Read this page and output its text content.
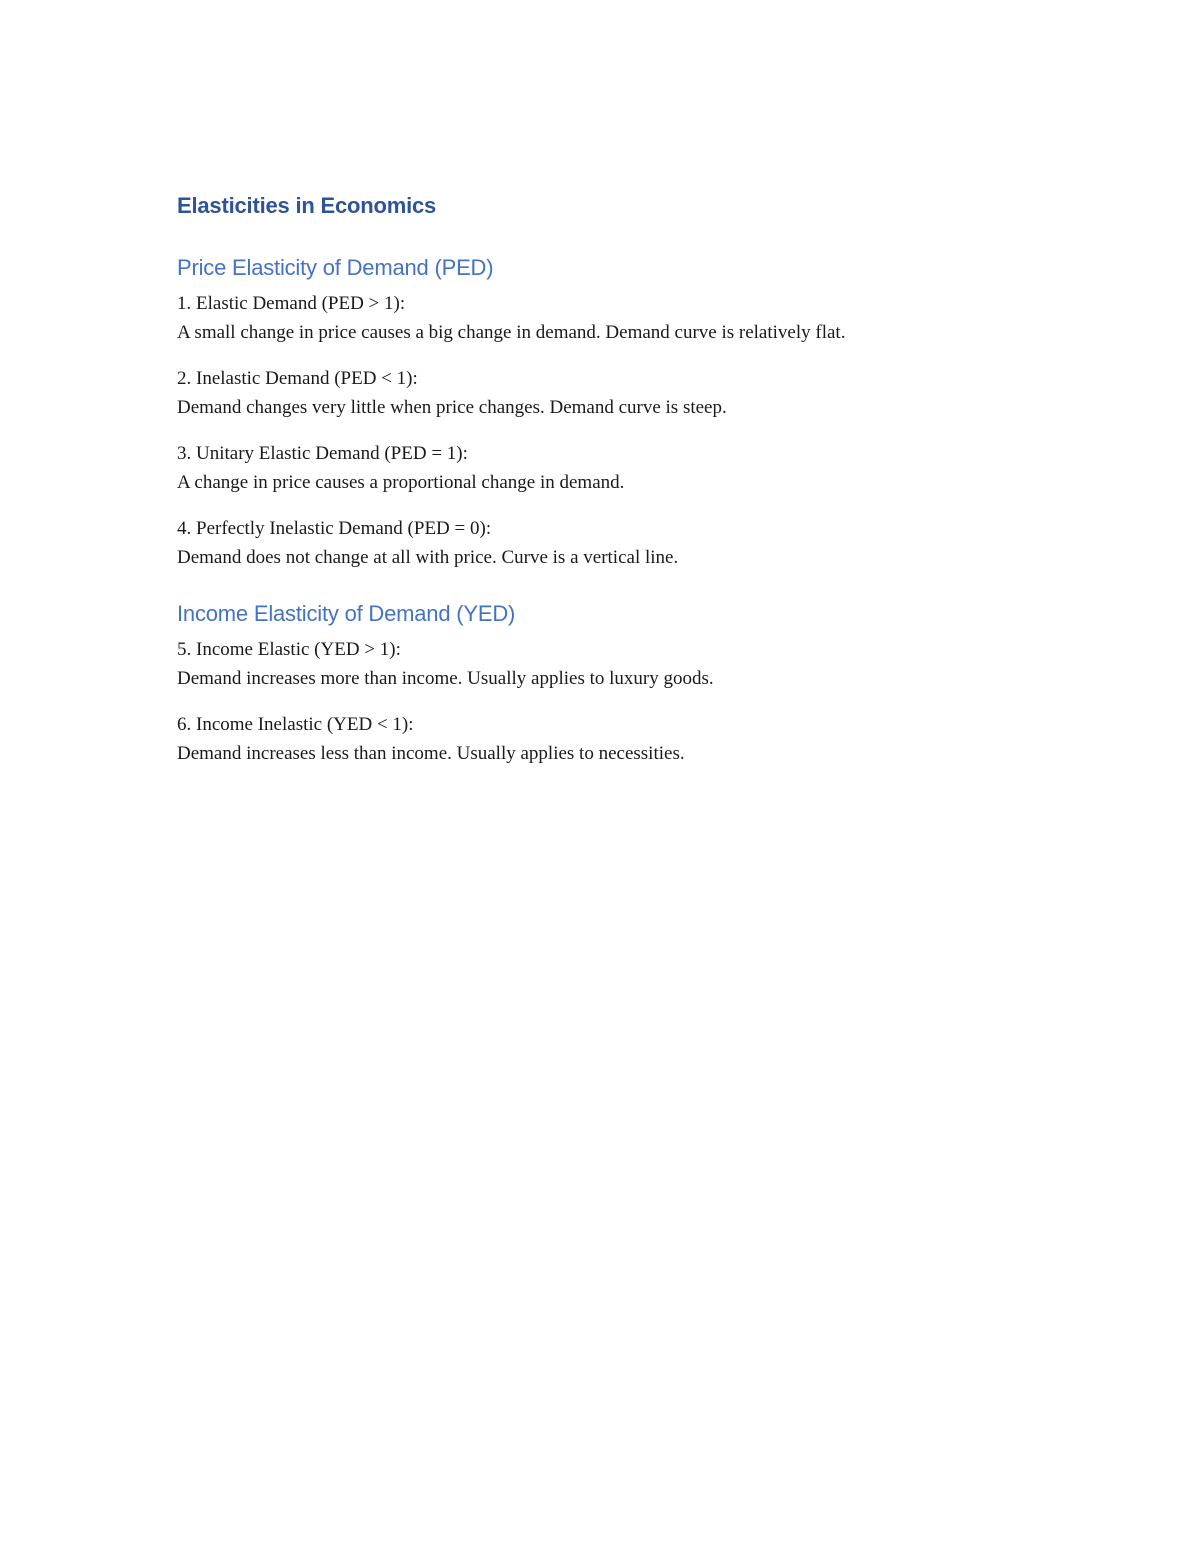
Elasticities in Economics
Price Elasticity of Demand (PED)

1. Elastic Demand (PED > 1):

A small change in price causes a big change in demand. Demand curve is relatively flat.

2. Inelastic Demand (PED < 1):

Demand changes very little when price changes. Demand curve is steep.

3. Unitary Elastic Demand (PED = 1):

A change in price causes a proportional change in demand.

4. Perfectly Inelastic Demand (PED = 0):

Demand does not change at all with price. Curve is a vertical line.

Income Elasticity of Demand (YED)

5. Income Elastic (YED > 1):

Demand increases more than income. Usually applies to luxury goods.

6. Income Inelastic (YED < 1):

Demand increases less than income. Usually applies to necessities.
